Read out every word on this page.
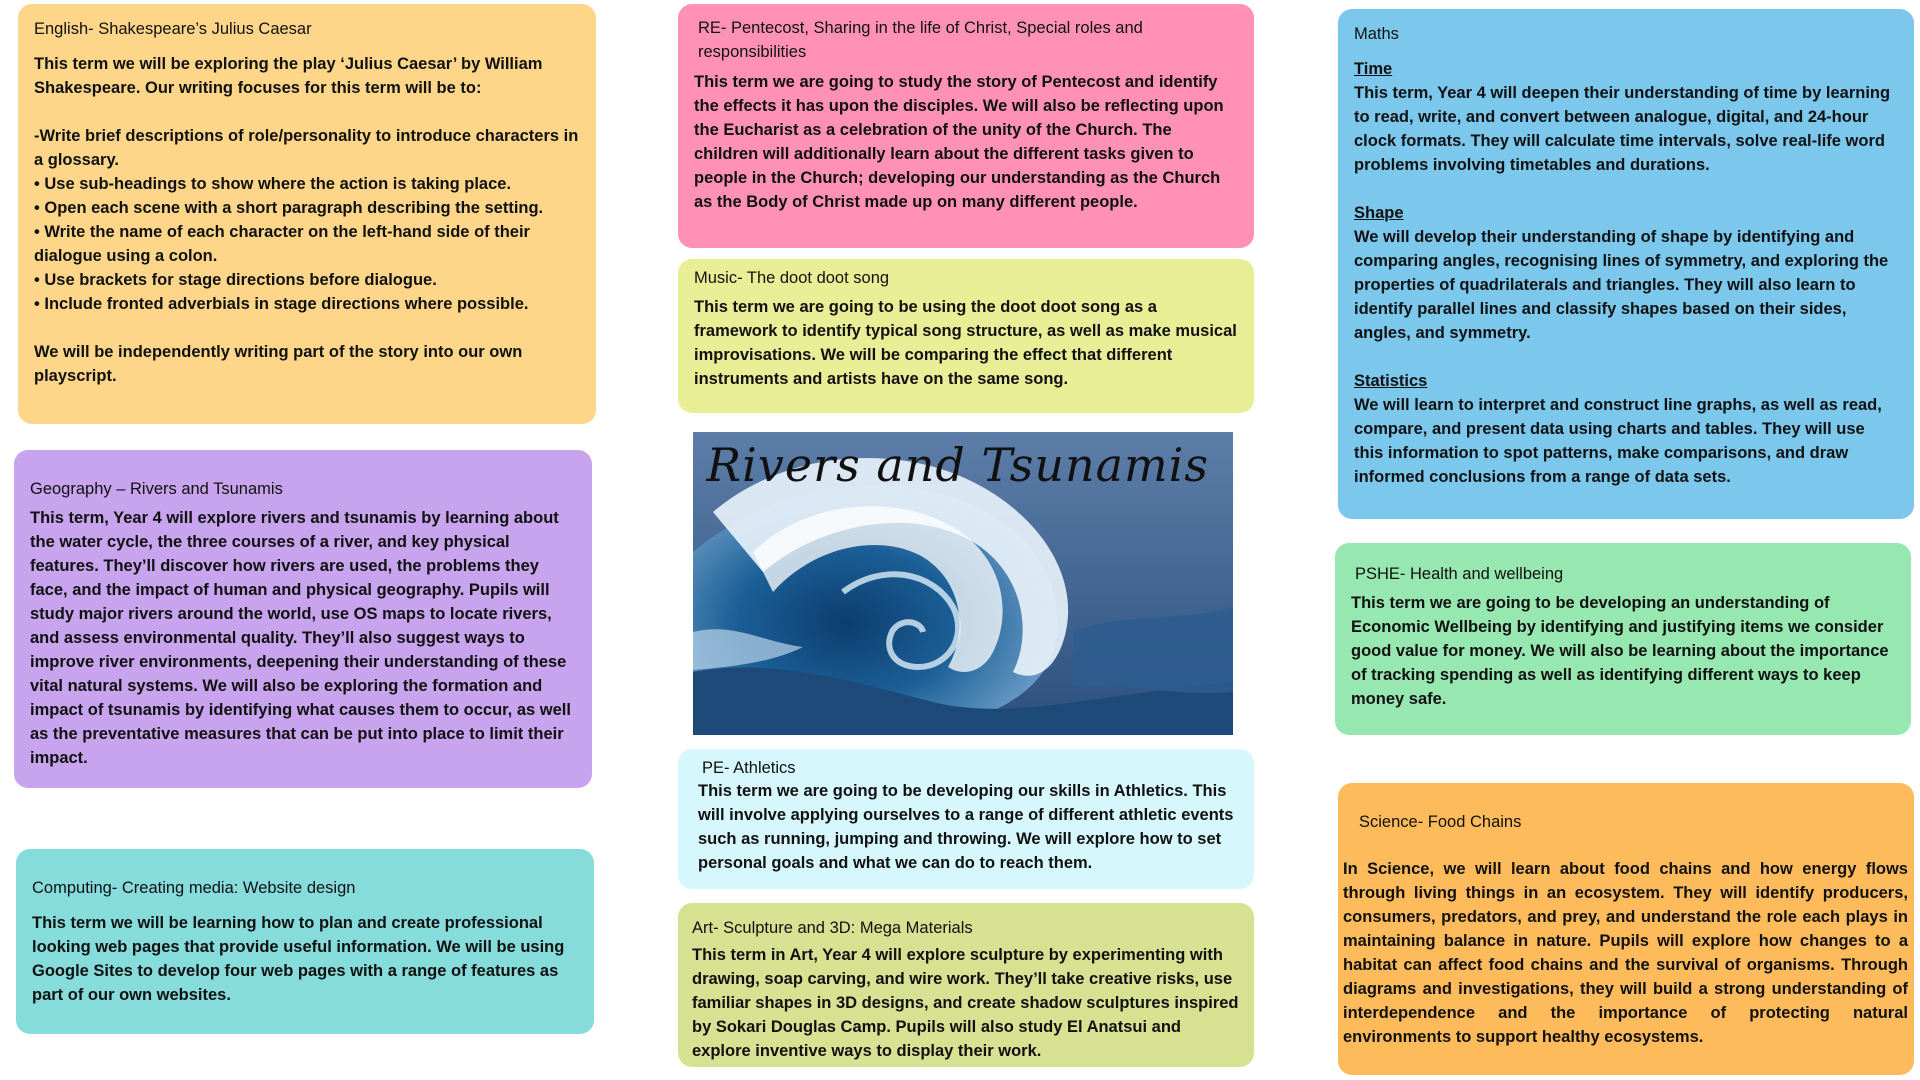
English- Shakespeare’s Julius Caesar
This term we will be exploring the play ‘Julius Caesar’ by William Shakespeare. Our writing focuses for this term will be to:

-Write brief descriptions of role/personality to introduce characters in a glossary.
• Use sub-headings to show where the action is taking place.
• Open each scene with a short paragraph describing the setting.
• Write the name of each character on the left-hand side of their dialogue using a colon.
• Use brackets for stage directions before dialogue.
• Include fronted adverbials in stage directions where possible.

We will be independently writing part of the story into our own playscript.
RE- Pentecost, Sharing in the life of Christ, Special roles and responsibilities
This term we are going to study the story of Pentecost and identify the effects it has upon the disciples. We will also be reflecting upon the Eucharist as a celebration of the unity of the Church. The children will additionally learn about the different tasks given to people in the Church; developing our understanding as the Church as the Body of Christ made up on many different people.
Music- The doot doot song
This term we are going to be using the doot doot song as a framework to identify typical song structure, as well as make musical improvisations. We will be comparing the effect that different instruments and artists have on the same song.
Geography – Rivers and Tsunamis
This term, Year 4 will explore rivers and tsunamis by learning about the water cycle, the three courses of a river, and key physical features. They’ll discover how rivers are used, the problems they face, and the impact of human and physical geography. Pupils will study major rivers around the world, use OS maps to locate rivers, and assess environmental quality. They’ll also suggest ways to improve river environments, deepening their understanding of these vital natural systems. We will also be exploring the formation and impact of tsunamis by identifying what causes them to occur, as well as the preventative measures that can be put into place to limit their impact.
Rivers and Tsunamis
PE- Athletics
This term we are going to be developing our skills in Athletics. This will involve applying ourselves to a range of different athletic events such as running, jumping and throwing. We will explore how to set personal goals and what we can do to reach them.
Computing- Creating media: Website design
This term we will be learning how to plan and create professional looking web pages that provide useful information. We will be using Google Sites to develop four web pages with a range of features as part of our own websites.
Art- Sculpture and 3D: Mega Materials
This term in Art, Year 4 will explore sculpture by experimenting with drawing, soap carving, and wire work. They’ll take creative risks, use familiar shapes in 3D designs, and create shadow sculptures inspired by Sokari Douglas Camp. Pupils will also study El Anatsui and explore inventive ways to display their work.
Maths
Time
This term, Year 4 will deepen their understanding of time by learning to read, write, and convert between analogue, digital, and 24-hour clock formats. They will calculate time intervals, solve real-life word problems involving timetables and durations.
Shape
We will develop their understanding of shape by identifying and comparing angles, recognising lines of symmetry, and exploring the properties of quadrilaterals and triangles. They will also learn to identify parallel lines and classify shapes based on their sides, angles, and symmetry.
Statistics
We will learn to interpret and construct line graphs, as well as read, compare, and present data using charts and tables. They will use this information to spot patterns, make comparisons, and draw informed conclusions from a range of data sets.
PSHE- Health and wellbeing
This term we are going to be developing an understanding of Economic Wellbeing by identifying and justifying items we consider good value for money. We will also be learning about the importance of tracking spending as well as identifying different ways to keep money safe.
Science- Food Chains
In Science, we will learn about food chains and how energy flows through living things in an ecosystem. They will identify producers, consumers, predators, and prey, and understand the role each plays in maintaining balance in nature. Pupils will explore how changes to a habitat can affect food chains and the survival of organisms. Through diagrams and investigations, they will build a strong understanding of interdependence and the importance of protecting natural environments to support healthy ecosystems.
